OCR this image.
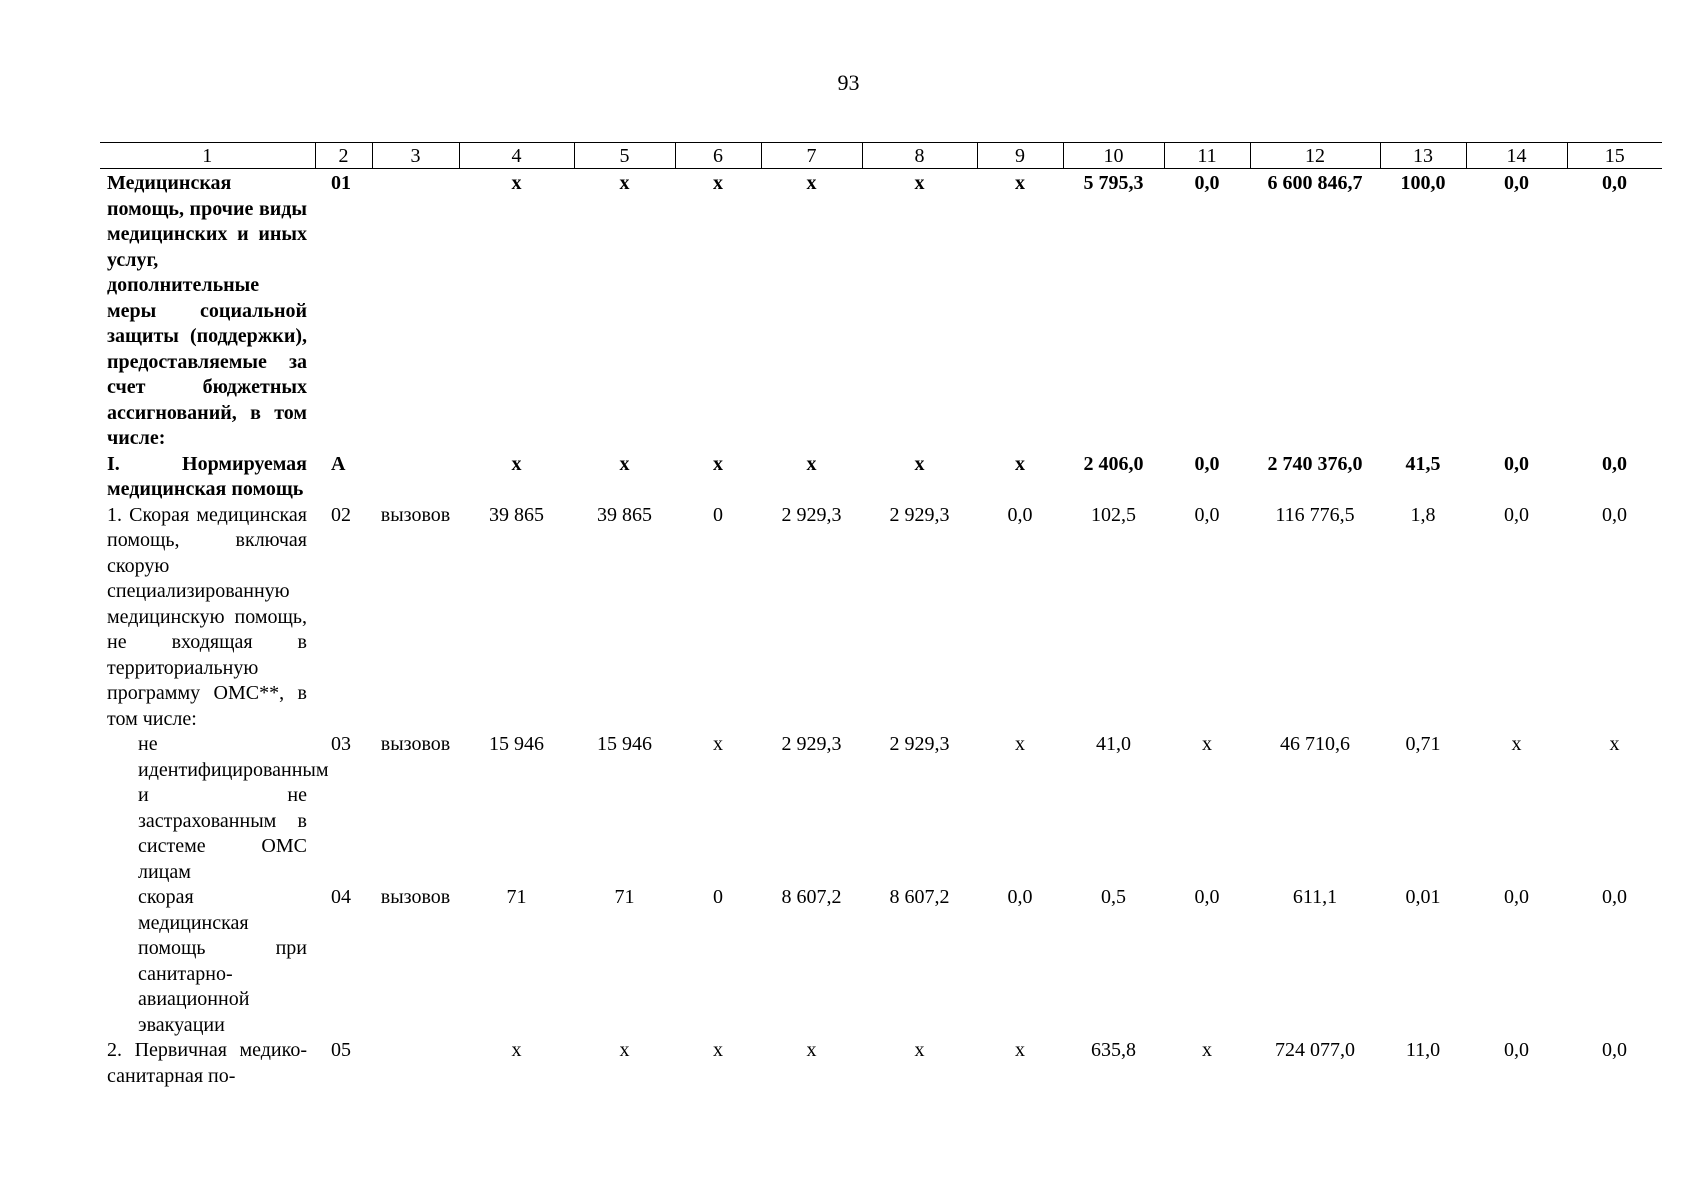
93
1	2	3	4	5	6	7	8	9	10	11	12	13	14	15
Медицинская помощь, прочие виды медицинских и иных услуг, дополнительные меры социальной защиты (поддержки), предоставляемые за счет бюджетных ассигнований, в том числе:	01		х	х	х	х	х	х	5 795,3	0,0	6 600 846,7	100,0	0,0	0,0
I. Нормируемая медицинская помощь	А		х	х	х	х	х	х	2 406,0	0,0	2 740 376,0	41,5	0,0	0,0
1. Скорая медицинская помощь, включая скорую специализированную медицинскую помощь, не входящая в территориальную программу ОМС**, в том числе:	02	вызовов	39 865	39 865	0	2 929,3	2 929,3	0,0	102,5	0,0	116 776,5	1,8	0,0	0,0
не идентифицированным и не застрахованным в системе ОМС лицам	03	вызовов	15 946	15 946	х	2 929,3	2 929,3	х	41,0	х	46 710,6	0,71	х	х
скорая медицинская помощь при санитарно-авиационной эвакуации	04	вызовов	71	71	0	8 607,2	8 607,2	0,0	0,5	0,0	611,1	0,01	0,0	0,0
2. Первичная медико-санитарная по-	05		х	х	х	х	х	х	635,8	х	724 077,0	11,0	0,0	0,0
